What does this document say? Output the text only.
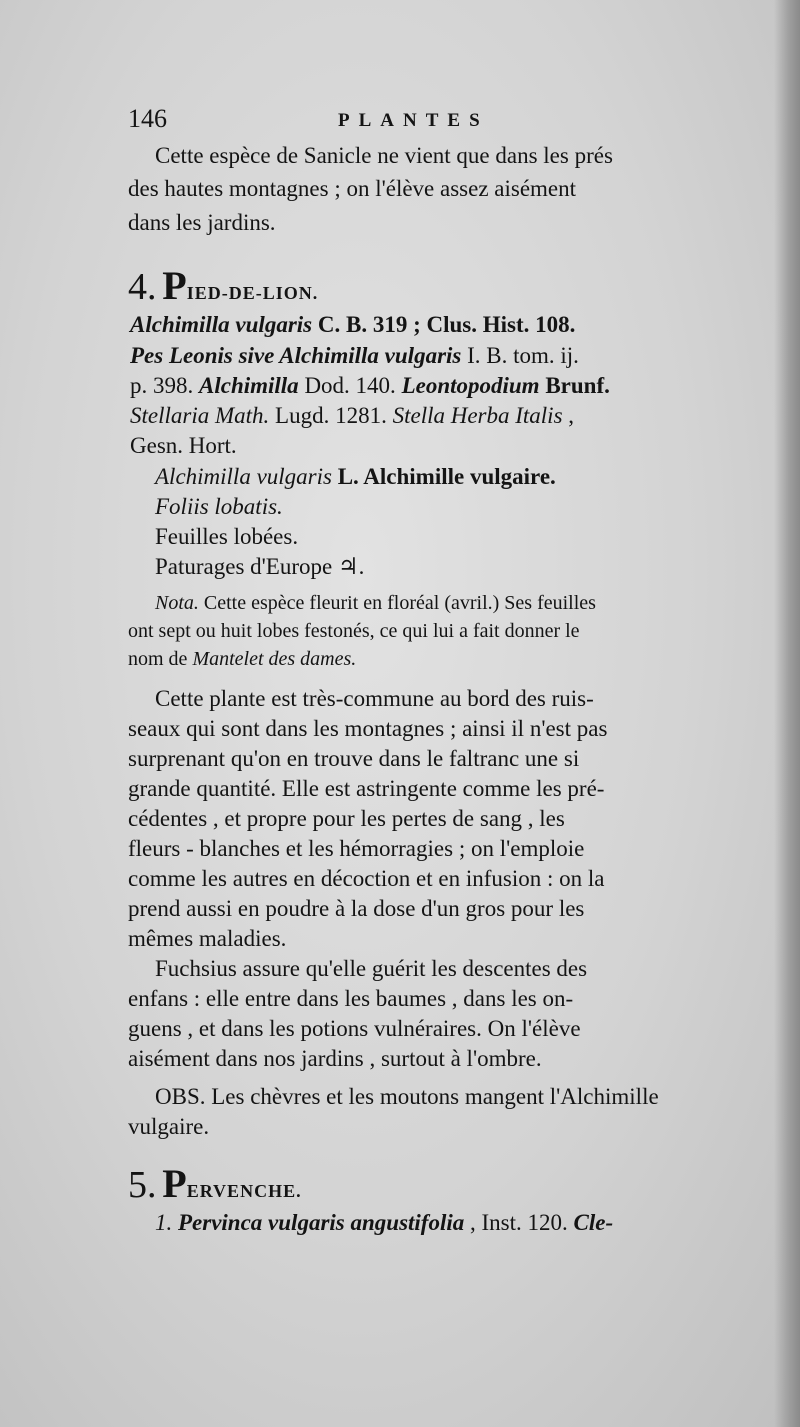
146	PLANTES
Cette espèce de Sanicle ne vient que dans les prés
des hautes montagnes ; on l'élève assez aisément
dans les jardins.
4. PIED-DE-LION.
Alchimilla vulgaris C. B. 319 ; Clus. Hist. 108.
Pes Leonis sive Alchimilla vulgaris I. B. tom. ij.
p. 398. Alchimilla Dod. 140. Leontopodium Brunf.
Stellaria Math. Lugd. 1281. Stella Herba Italis ,
Gesn. Hort.
Alchimilla vulgaris L. Alchimille vulgaire.
Foliis lobatis.
Feuilles lobées.
Paturages d'Europe ♃.
Nota. Cette espèce fleurit en floréal (avril.) Ses feuilles
ont sept ou huit lobes festonés, ce qui lui a fait donner le
nom de Mantelet des dames.
Cette plante est très-commune au bord des ruis-
seaux qui sont dans les montagnes ; ainsi il n'est pas
surprenant qu'on en trouve dans le faltranc une si
grande quantité. Elle est astringente comme les pré-
cédentes , et propre pour les pertes de sang , les
fleurs - blanches et les hémorragies ; on l'emploie
comme les autres en décoction et en infusion : on la
prend aussi en poudre à la dose d'un gros pour les
mêmes maladies.
Fuchsius assure qu'elle guérit les descentes des
enfans : elle entre dans les baumes , dans les on-
guens , et dans les potions vulnéraires. On l'élève
aisément dans nos jardins , surtout à l'ombre.
OBS. Les chèvres et les moutons mangent l'Alchimille
vulgaire.
5. PERVENCHE.
1. Pervinca vulgaris angustifolia , Inst. 120. Cle-
